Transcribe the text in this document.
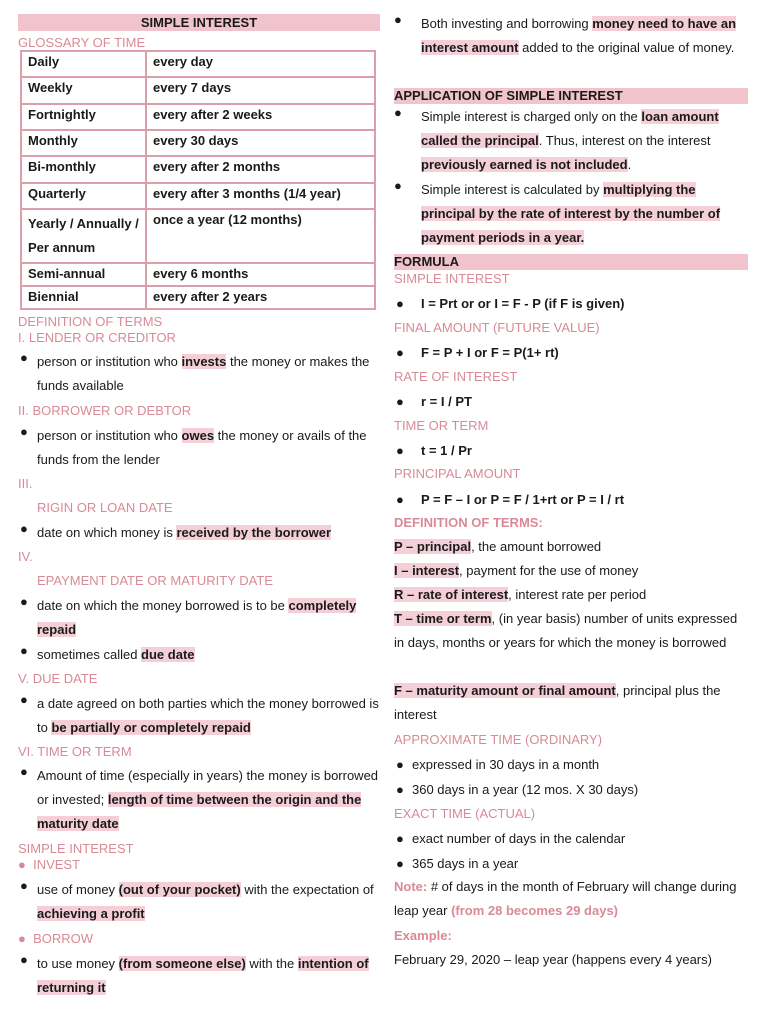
SIMPLE INTEREST
GLOSSARY OF TIME
Daily	every day
Weekly	every 7 days
Fortnightly	every after 2 weeks
Monthly	every 30 days
Bi-monthly	every after 2 months
Quarterly	every after 3 months (1/4 year)
Yearly / Annually / Per annum	once a year (12 months)
Semi-annual	every 6 months
Biennial	every after 2 years
DEFINITION OF TERMS
I. LENDER OR CREDITOR
● person or institution who invests the money or makes the funds available
II. BORROWER OR DEBTOR
● person or institution who owes the money or avails of the funds from the lender
III.
RIGIN OR LOAN DATE
● date on which money is received by the borrower
IV.
EPAYMENT DATE OR MATURITY DATE
● date on which the money borrowed is to be completely repaid
● sometimes called due date
V. DUE DATE
● a date agreed on both parties which the money borrowed is to be partially or completely repaid
VI. TIME OR TERM
● Amount of time (especially in years) the money is borrowed or invested; length of time between the origin and the maturity date
SIMPLE INTEREST
● INVEST
● use of money (out of your pocket) with the expectation of achieving a profit
● BORROW
● to use money (from someone else) with the intention of returning it
● Both investing and borrowing money need to have an interest amount added to the original value of money.
APPLICATION OF SIMPLE INTEREST
● Simple interest is charged only on the loan amount called the principal. Thus, interest on the interest previously earned is not included.
● Simple interest is calculated by multiplying the principal by the rate of interest by the number of payment periods in a year.
FORMULA
SIMPLE INTEREST
● I = Prt or or I = F - P (if F is given)
FINAL AMOUNT (FUTURE VALUE)
● F = P + I or F = P(1+ rt)
RATE OF INTEREST
● r = I / PT
TIME OR TERM
● t = 1 / Pr
PRINCIPAL AMOUNT
● P = F – I or P = F / 1+rt or P = I / rt
DEFINITION OF TERMS:
P – principal, the amount borrowed
I – interest, payment for the use of money
R – rate of interest, interest rate per period
T – time or term, (in year basis) number of units expressed in days, months or years for which the money is borrowed
F – maturity amount or final amount, principal plus the interest
APPROXIMATE TIME (ORDINARY)
● expressed in 30 days in a month
● 360 days in a year (12 mos. X 30 days)
EXACT TIME (ACTUAL)
● exact number of days in the calendar
● 365 days in a year
Note: # of days in the month of February will change during leap year (from 28 becomes 29 days)
Example:
February 29, 2020 – leap year (happens every 4 years)
